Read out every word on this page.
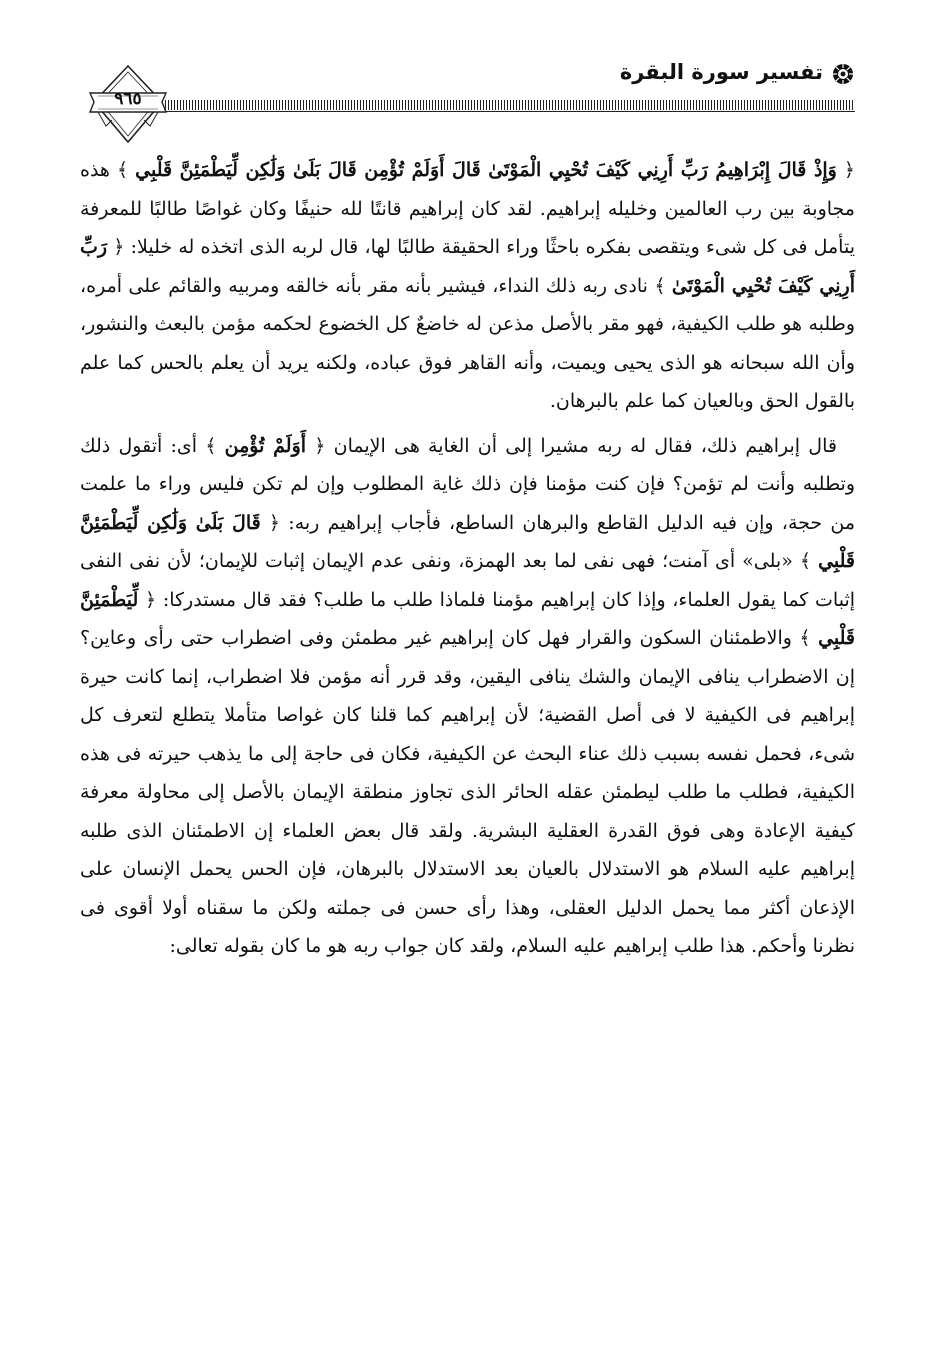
٩٦٥
تفسير سورة البقرة

﴿ وَإِذْ قَالَ إِبْرَاهِيمُ رَبِّ أَرِنِي كَيْفَ تُحْيِي الْمَوْتَىٰ قَالَ أَوَلَمْ تُؤْمِن قَالَ بَلَىٰ وَلَٰكِن لِّيَطْمَئِنَّ قَلْبِي ﴾ هذه مجاوبة بين رب العالمين وخليله إبراهيم. لقد كان إبراهيم قانتًا لله حنيفًا وكان غواصًا طالبًا للمعرفة يتأمل فى كل شىء ويتقصى بفكره باحثًا وراء الحقيقة طالبًا لها، قال لربه الذى اتخذه له خليلا: ﴿ رَبِّ أَرِنِي كَيْفَ تُحْيِي الْمَوْتَىٰ ﴾ نادى ربه ذلك النداء، فيشير بأنه مقر بأنه خالقه ومربيه والقائم على أمره، وطلبه هو طلب الكيفية، فهو مقر بالأصل مذعن له خاضعٌ كل الخضوع لحكمه مؤمن بالبعث والنشور، وأن الله سبحانه هو الذى يحيى ويميت، وأنه القاهر فوق عباده، ولكنه يريد أن يعلم بالحس كما علم بالقول الحق وبالعيان كما علم بالبرهان.

قال إبراهيم ذلك، فقال له ربه مشيرا إلى أن الغاية هى الإيمان ﴿ أَوَلَمْ تُؤْمِن ﴾ أى: أتقول ذلك وتطلبه وأنت لم تؤمن؟ فإن كنت مؤمنا فإن ذلك غاية المطلوب وإن لم تكن فليس وراء ما علمت من حجة، وإن فيه الدليل القاطع والبرهان الساطع، فأجاب إبراهيم ربه: ﴿ قَالَ بَلَىٰ وَلَٰكِن لِّيَطْمَئِنَّ قَلْبِي ﴾ «بلى» أى آمنت؛ فهى نفى لما بعد الهمزة، ونفى عدم الإيمان إثبات للإيمان؛ لأن نفى النفى إثبات كما يقول العلماء، وإذا كان إبراهيم مؤمنا فلماذا طلب ما طلب؟ فقد قال مستدركا: ﴿ لِّيَطْمَئِنَّ قَلْبِي ﴾ والاطمئنان السكون والقرار فهل كان إبراهيم غير مطمئن وفى اضطراب حتى رأى وعاين؟ إن الاضطراب ينافى الإيمان والشك ينافى اليقين، وقد قرر أنه مؤمن فلا اضطراب، إنما كانت حيرة إبراهيم فى الكيفية لا فى أصل القضية؛ لأن إبراهيم كما قلنا كان غواصا متأملا يتطلع لتعرف كل شىء، فحمل نفسه بسبب ذلك عناء البحث عن الكيفية، فكان فى حاجة إلى ما يذهب حيرته فى هذه الكيفية، فطلب ما طلب ليطمئن عقله الحائر الذى تجاوز منطقة الإيمان بالأصل إلى محاولة معرفة كيفية الإعادة وهى فوق القدرة العقلية البشرية. ولقد قال بعض العلماء إن الاطمئنان الذى طلبه إبراهيم عليه السلام هو الاستدلال بالعيان بعد الاستدلال بالبرهان، فإن الحس يحمل الإنسان على الإذعان أكثر مما يحمل الدليل العقلى، وهذا رأى حسن فى جملته ولكن ما سقناه أولا أقوى فى نظرنا وأحكم. هذا طلب إبراهيم عليه السلام، ولقد كان جواب ربه هو ما كان بقوله تعالى:
